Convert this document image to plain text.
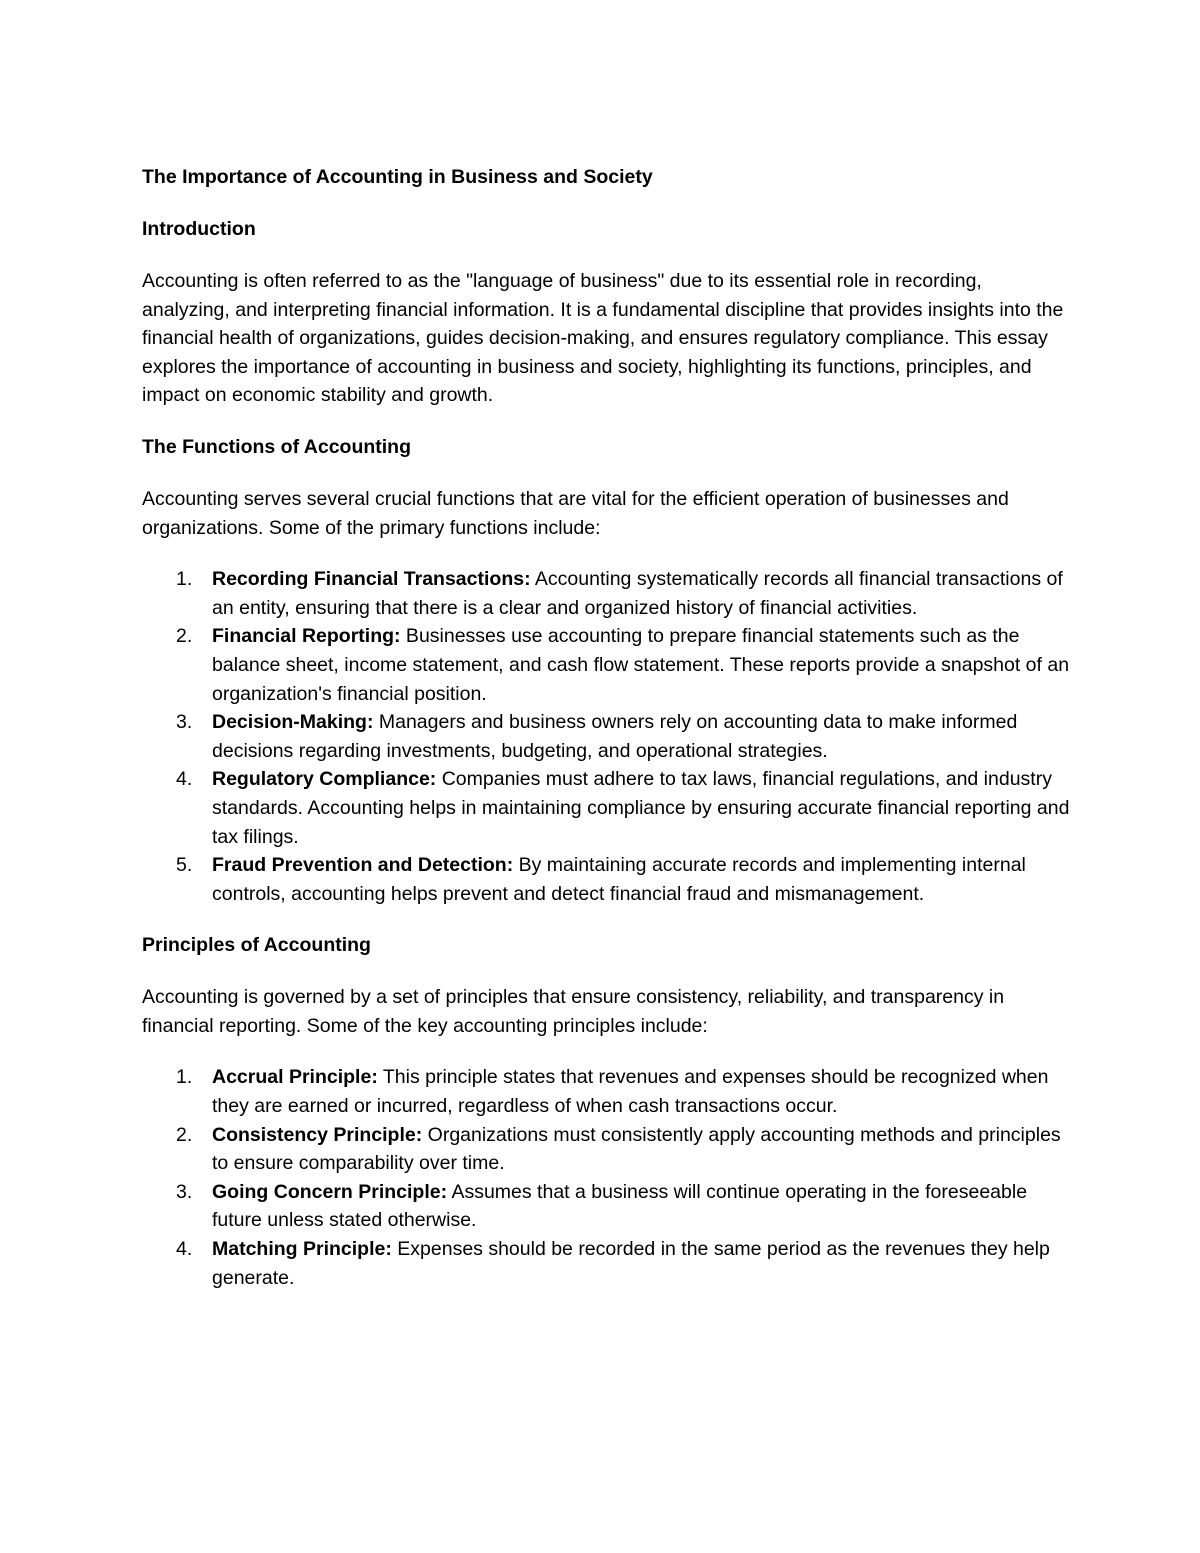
The Importance of Accounting in Business and Society

Introduction

Accounting is often referred to as the "language of business" due to its essential role in recording, analyzing, and interpreting financial information. It is a fundamental discipline that provides insights into the financial health of organizations, guides decision-making, and ensures regulatory compliance. This essay explores the importance of accounting in business and society, highlighting its functions, principles, and impact on economic stability and growth.

The Functions of Accounting

Accounting serves several crucial functions that are vital for the efficient operation of businesses and organizations. Some of the primary functions include:

1. Recording Financial Transactions: Accounting systematically records all financial transactions of an entity, ensuring that there is a clear and organized history of financial activities.
2. Financial Reporting: Businesses use accounting to prepare financial statements such as the balance sheet, income statement, and cash flow statement. These reports provide a snapshot of an organization's financial position.
3. Decision-Making: Managers and business owners rely on accounting data to make informed decisions regarding investments, budgeting, and operational strategies.
4. Regulatory Compliance: Companies must adhere to tax laws, financial regulations, and industry standards. Accounting helps in maintaining compliance by ensuring accurate financial reporting and tax filings.
5. Fraud Prevention and Detection: By maintaining accurate records and implementing internal controls, accounting helps prevent and detect financial fraud and mismanagement.

Principles of Accounting

Accounting is governed by a set of principles that ensure consistency, reliability, and transparency in financial reporting. Some of the key accounting principles include:

1. Accrual Principle: This principle states that revenues and expenses should be recognized when they are earned or incurred, regardless of when cash transactions occur.
2. Consistency Principle: Organizations must consistently apply accounting methods and principles to ensure comparability over time.
3. Going Concern Principle: Assumes that a business will continue operating in the foreseeable future unless stated otherwise.
4. Matching Principle: Expenses should be recorded in the same period as the revenues they help generate.
